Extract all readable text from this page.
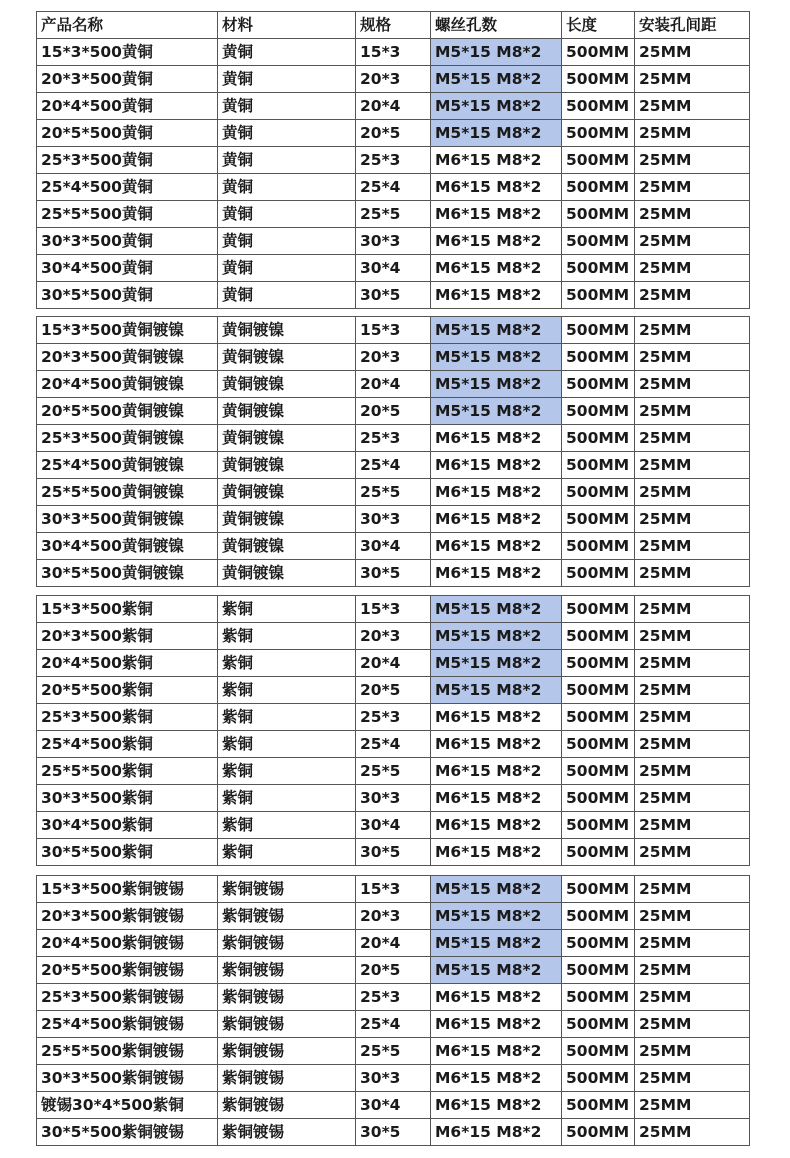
产品名称	材料	规格	螺丝孔数	长度	安装孔间距
15*3*500黄铜	黄铜	15*3	M5*15 M8*2	500MM	25MM
20*3*500黄铜	黄铜	20*3	M5*15 M8*2	500MM	25MM
20*4*500黄铜	黄铜	20*4	M5*15 M8*2	500MM	25MM
20*5*500黄铜	黄铜	20*5	M5*15 M8*2	500MM	25MM
25*3*500黄铜	黄铜	25*3	M6*15 M8*2	500MM	25MM
25*4*500黄铜	黄铜	25*4	M6*15 M8*2	500MM	25MM
25*5*500黄铜	黄铜	25*5	M6*15 M8*2	500MM	25MM
30*3*500黄铜	黄铜	30*3	M6*15 M8*2	500MM	25MM
30*4*500黄铜	黄铜	30*4	M6*15 M8*2	500MM	25MM
30*5*500黄铜	黄铜	30*5	M6*15 M8*2	500MM	25MM
15*3*500黄铜镀镍	黄铜镀镍	15*3	M5*15 M8*2	500MM	25MM
20*3*500黄铜镀镍	黄铜镀镍	20*3	M5*15 M8*2	500MM	25MM
20*4*500黄铜镀镍	黄铜镀镍	20*4	M5*15 M8*2	500MM	25MM
20*5*500黄铜镀镍	黄铜镀镍	20*5	M5*15 M8*2	500MM	25MM
25*3*500黄铜镀镍	黄铜镀镍	25*3	M6*15 M8*2	500MM	25MM
25*4*500黄铜镀镍	黄铜镀镍	25*4	M6*15 M8*2	500MM	25MM
25*5*500黄铜镀镍	黄铜镀镍	25*5	M6*15 M8*2	500MM	25MM
30*3*500黄铜镀镍	黄铜镀镍	30*3	M6*15 M8*2	500MM	25MM
30*4*500黄铜镀镍	黄铜镀镍	30*4	M6*15 M8*2	500MM	25MM
30*5*500黄铜镀镍	黄铜镀镍	30*5	M6*15 M8*2	500MM	25MM
15*3*500紫铜	紫铜	15*3	M5*15 M8*2	500MM	25MM
20*3*500紫铜	紫铜	20*3	M5*15 M8*2	500MM	25MM
20*4*500紫铜	紫铜	20*4	M5*15 M8*2	500MM	25MM
20*5*500紫铜	紫铜	20*5	M5*15 M8*2	500MM	25MM
25*3*500紫铜	紫铜	25*3	M6*15 M8*2	500MM	25MM
25*4*500紫铜	紫铜	25*4	M6*15 M8*2	500MM	25MM
25*5*500紫铜	紫铜	25*5	M6*15 M8*2	500MM	25MM
30*3*500紫铜	紫铜	30*3	M6*15 M8*2	500MM	25MM
30*4*500紫铜	紫铜	30*4	M6*15 M8*2	500MM	25MM
30*5*500紫铜	紫铜	30*5	M6*15 M8*2	500MM	25MM
15*3*500紫铜镀锡	紫铜镀锡	15*3	M5*15 M8*2	500MM	25MM
20*3*500紫铜镀锡	紫铜镀锡	20*3	M5*15 M8*2	500MM	25MM
20*4*500紫铜镀锡	紫铜镀锡	20*4	M5*15 M8*2	500MM	25MM
20*5*500紫铜镀锡	紫铜镀锡	20*5	M5*15 M8*2	500MM	25MM
25*3*500紫铜镀锡	紫铜镀锡	25*3	M6*15 M8*2	500MM	25MM
25*4*500紫铜镀锡	紫铜镀锡	25*4	M6*15 M8*2	500MM	25MM
25*5*500紫铜镀锡	紫铜镀锡	25*5	M6*15 M8*2	500MM	25MM
30*3*500紫铜镀锡	紫铜镀锡	30*3	M6*15 M8*2	500MM	25MM
镀锡30*4*500紫铜	紫铜镀锡	30*4	M6*15 M8*2	500MM	25MM
30*5*500紫铜镀锡	紫铜镀锡	30*5	M6*15 M8*2	500MM	25MM
